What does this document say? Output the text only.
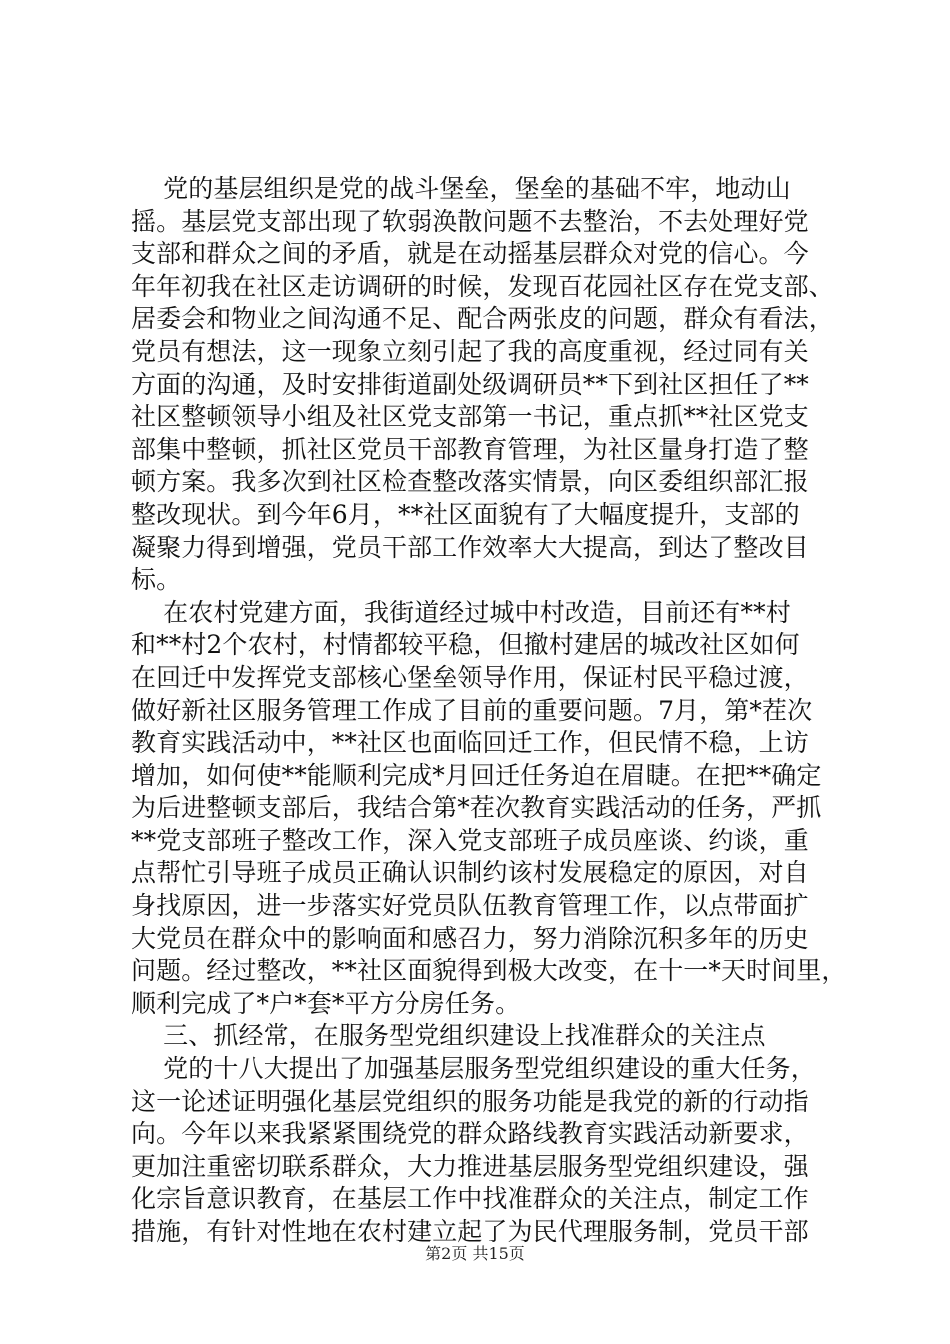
党的基层组织是党的战斗堡垒，堡垒的基础不牢，地动山
摇。基层党支部出现了软弱涣散问题不去整治，不去处理好党
支部和群众之间的矛盾，就是在动摇基层群众对党的信心。今
年年初我在社区走访调研的时候，发现百花园社区存在党支部、
居委会和物业之间沟通不足、配合两张皮的问题，群众有看法，
党员有想法，这一现象立刻引起了我的高度重视，经过同有关
方面的沟通，及时安排街道副处级调研员**下到社区担任了**
社区整顿领导小组及社区党支部第一书记，重点抓**社区党支
部集中整顿，抓社区党员干部教育管理，为社区量身打造了整
顿方案。我多次到社区检查整改落实情景，向区委组织部汇报
整改现状。到今年6月，**社区面貌有了大幅度提升，支部的
凝聚力得到增强，党员干部工作效率大大提高，到达了整改目
标。
在农村党建方面，我街道经过城中村改造，目前还有**村
和**村2个农村，村情都较平稳，但撤村建居的城改社区如何
在回迁中发挥党支部核心堡垒领导作用，保证村民平稳过渡，
做好新社区服务管理工作成了目前的重要问题。7月，第*茬次
教育实践活动中，**社区也面临回迁工作，但民情不稳，上访
增加，如何使**能顺利完成*月回迁任务迫在眉睫。在把**确定
为后进整顿支部后，我结合第*茬次教育实践活动的任务，严抓
**党支部班子整改工作，深入党支部班子成员座谈、约谈，重
点帮忙引导班子成员正确认识制约该村发展稳定的原因，对自
身找原因，进一步落实好党员队伍教育管理工作，以点带面扩
大党员在群众中的影响面和感召力，努力消除沉积多年的历史
问题。经过整改，**社区面貌得到极大改变，在十一*天时间里，
顺利完成了*户*套*平方分房任务。
三、抓经常，在服务型党组织建设上找准群众的关注点
党的十八大提出了加强基层服务型党组织建设的重大任务，
这一论述证明强化基层党组织的服务功能是我党的新的行动指
向。今年以来我紧紧围绕党的群众路线教育实践活动新要求，
更加注重密切联系群众，大力推进基层服务型党组织建设，强
化宗旨意识教育，在基层工作中找准群众的关注点，制定工作
措施，有针对性地在农村建立起了为民代理服务制，党员干部
第2页 共15页
